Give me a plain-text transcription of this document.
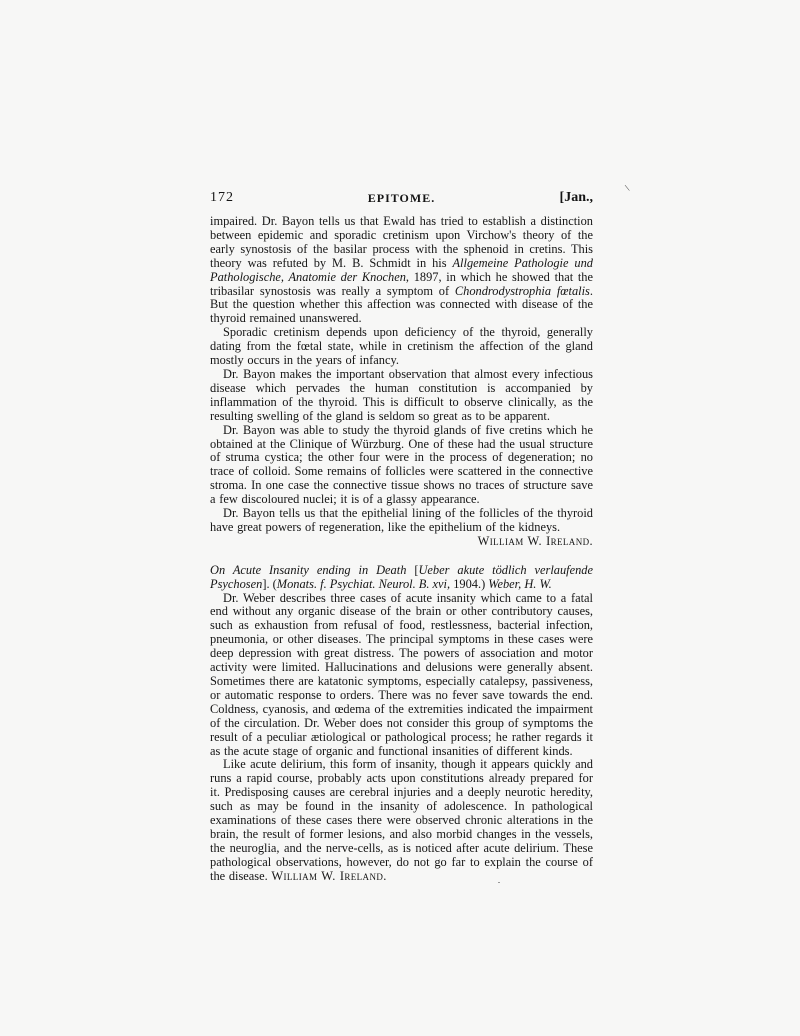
\
172	EPITOME.	[Jan.,

impaired. Dr. Bayon tells us that Ewald has tried to establish a distinction between epidemic and sporadic cretinism upon Virchow's theory of the early synostosis of the basilar process with the sphenoid in cretins. This theory was refuted by M. B. Schmidt in his Allgemeine Pathologie und Pathologische, Anatomie der Knochen, 1897, in which he showed that the tribasilar synostosis was really a symptom of Chondrodystrophia fœtalis. But the question whether this affection was connected with disease of the thyroid remained unanswered.

Sporadic cretinism depends upon deficiency of the thyroid, generally dating from the fœtal state, while in cretinism the affection of the gland mostly occurs in the years of infancy.

Dr. Bayon makes the important observation that almost every infectious disease which pervades the human constitution is accompanied by inflammation of the thyroid. This is difficult to observe clinically, as the resulting swelling of the gland is seldom so great as to be apparent.

Dr. Bayon was able to study the thyroid glands of five cretins which he obtained at the Clinique of Würzburg. One of these had the usual structure of struma cystica; the other four were in the process of degeneration; no trace of colloid. Some remains of follicles were scattered in the connective stroma. In one case the connective tissue shows no traces of structure save a few discoloured nuclei; it is of a glassy appearance.

Dr. Bayon tells us that the epithelial lining of the follicles of the thyroid have great powers of regeneration, like the epithelium of the kidneys.
William W. Ireland.

On Acute Insanity ending in Death [Ueber akute tödlich verlaufende Psychosen]. (Monats. f. Psychiat. Neurol. B. xvi, 1904.) Weber, H. W.

Dr. Weber describes three cases of acute insanity which came to a fatal end without any organic disease of the brain or other contributory causes, such as exhaustion from refusal of food, restlessness, bacterial infection, pneumonia, or other diseases. The principal symptoms in these cases were deep depression with great distress. The powers of association and motor activity were limited. Hallucinations and delusions were generally absent. Sometimes there are katatonic symptoms, especially catalepsy, passiveness, or automatic response to orders. There was no fever save towards the end. Coldness, cyanosis, and œdema of the extremities indicated the impairment of the circulation. Dr. Weber does not consider this group of symptoms the result of a peculiar ætiological or pathological process; he rather regards it as the acute stage of organic and functional insanities of different kinds.

Like acute delirium, this form of insanity, though it appears quickly and runs a rapid course, probably acts upon constitutions already prepared for it. Predisposing causes are cerebral injuries and a deeply neurotic heredity, such as may be found in the insanity of adolescence. In pathological examinations of these cases there were observed chronic alterations in the brain, the result of former lesions, and also morbid changes in the vessels, the neuroglia, and the nerve-cells, as is noticed after acute delirium. These pathological observations, however, do not go far to explain the course of the disease. William W. Ireland.
